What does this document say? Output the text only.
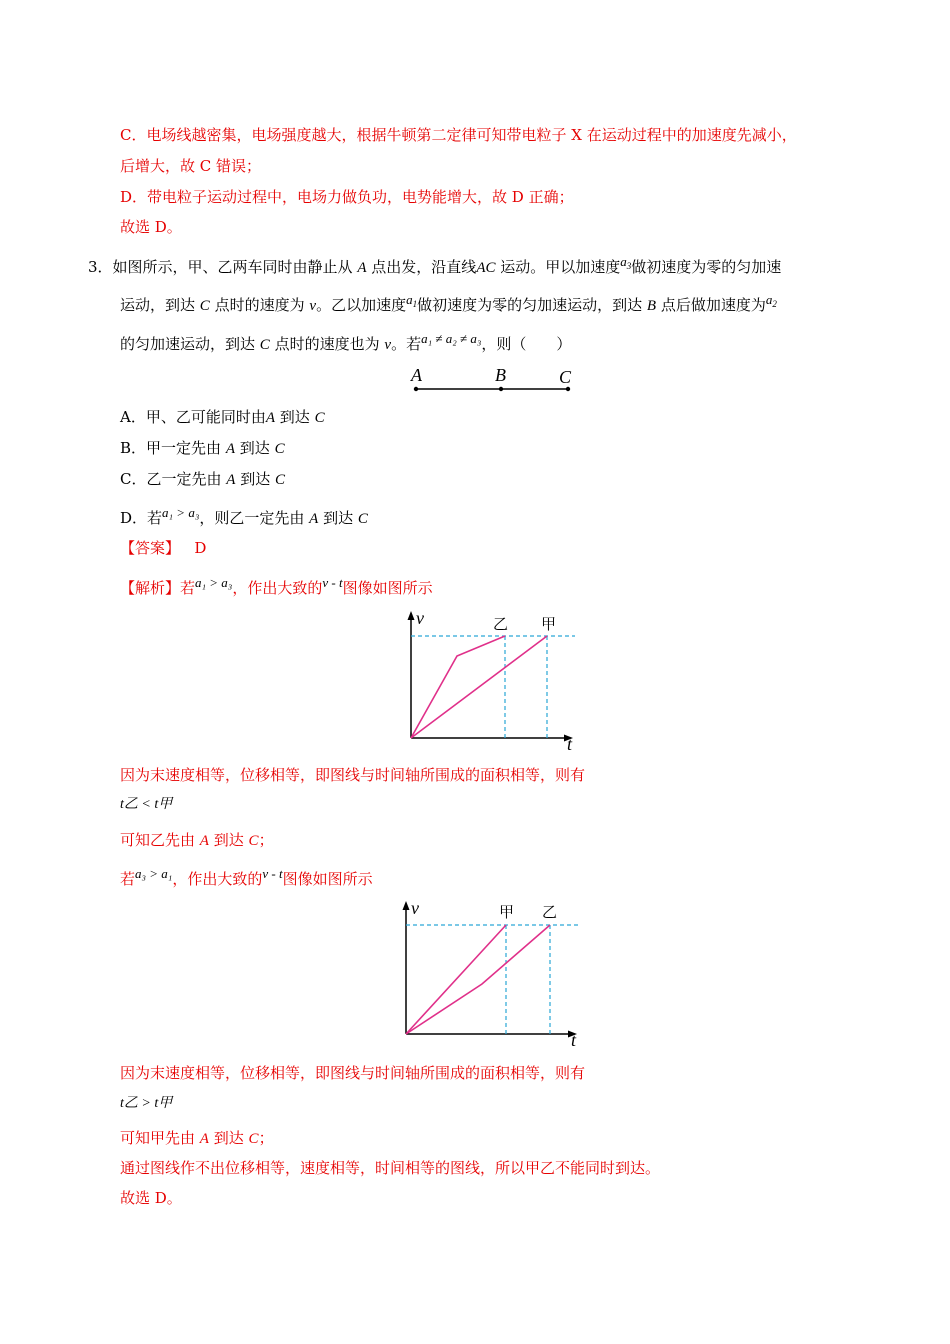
C．电场线越密集，电场强度越大，根据牛顿第二定律可知带电粒子 X 在运动过程中的加速度先减小，
后增大，故 C 错误；
D．带电粒子运动过程中，电场力做负功，电势能增大，故 D 正确；
故选 D。
3．如图所示，甲、乙两车同时由静止从 A 点出发，沿直线AC 运动。甲以加速度$a_3$做初速度为零的匀加速
运动，到达 C 点时的速度为 v。乙以加速度$a_1$做初速度为零的匀加速运动，到达 B 点后做加速度为$a_2$
的匀加速运动，到达 C 点时的速度也为 v。若a₁ ≠ a₂ ≠ a₃，则（　　）
A	B	C
A．甲、乙可能同时由A 到达 C
B．甲一定先由 A 到达 C
C．乙一定先由 A 到达 C
D．若a₁ > a₃，则乙一定先由 A 到达 C
【答案】 D
【解析】若a₁ > a₃，作出大致的v - t图像如图所示
v
t
乙 甲
因为末速度相等，位移相等，即图线与时间轴所围成的面积相等，则有
t乙 < t甲
可知乙先由 A 到达 C；
若a₃ > a₁，作出大致的v - t图像如图所示
v
t
甲 乙
因为末速度相等，位移相等，即图线与时间轴所围成的面积相等，则有
t乙 > t甲
可知甲先由 A 到达 C；
通过图线作不出位移相等，速度相等，时间相等的图线，所以甲乙不能同时到达。
故选 D。
